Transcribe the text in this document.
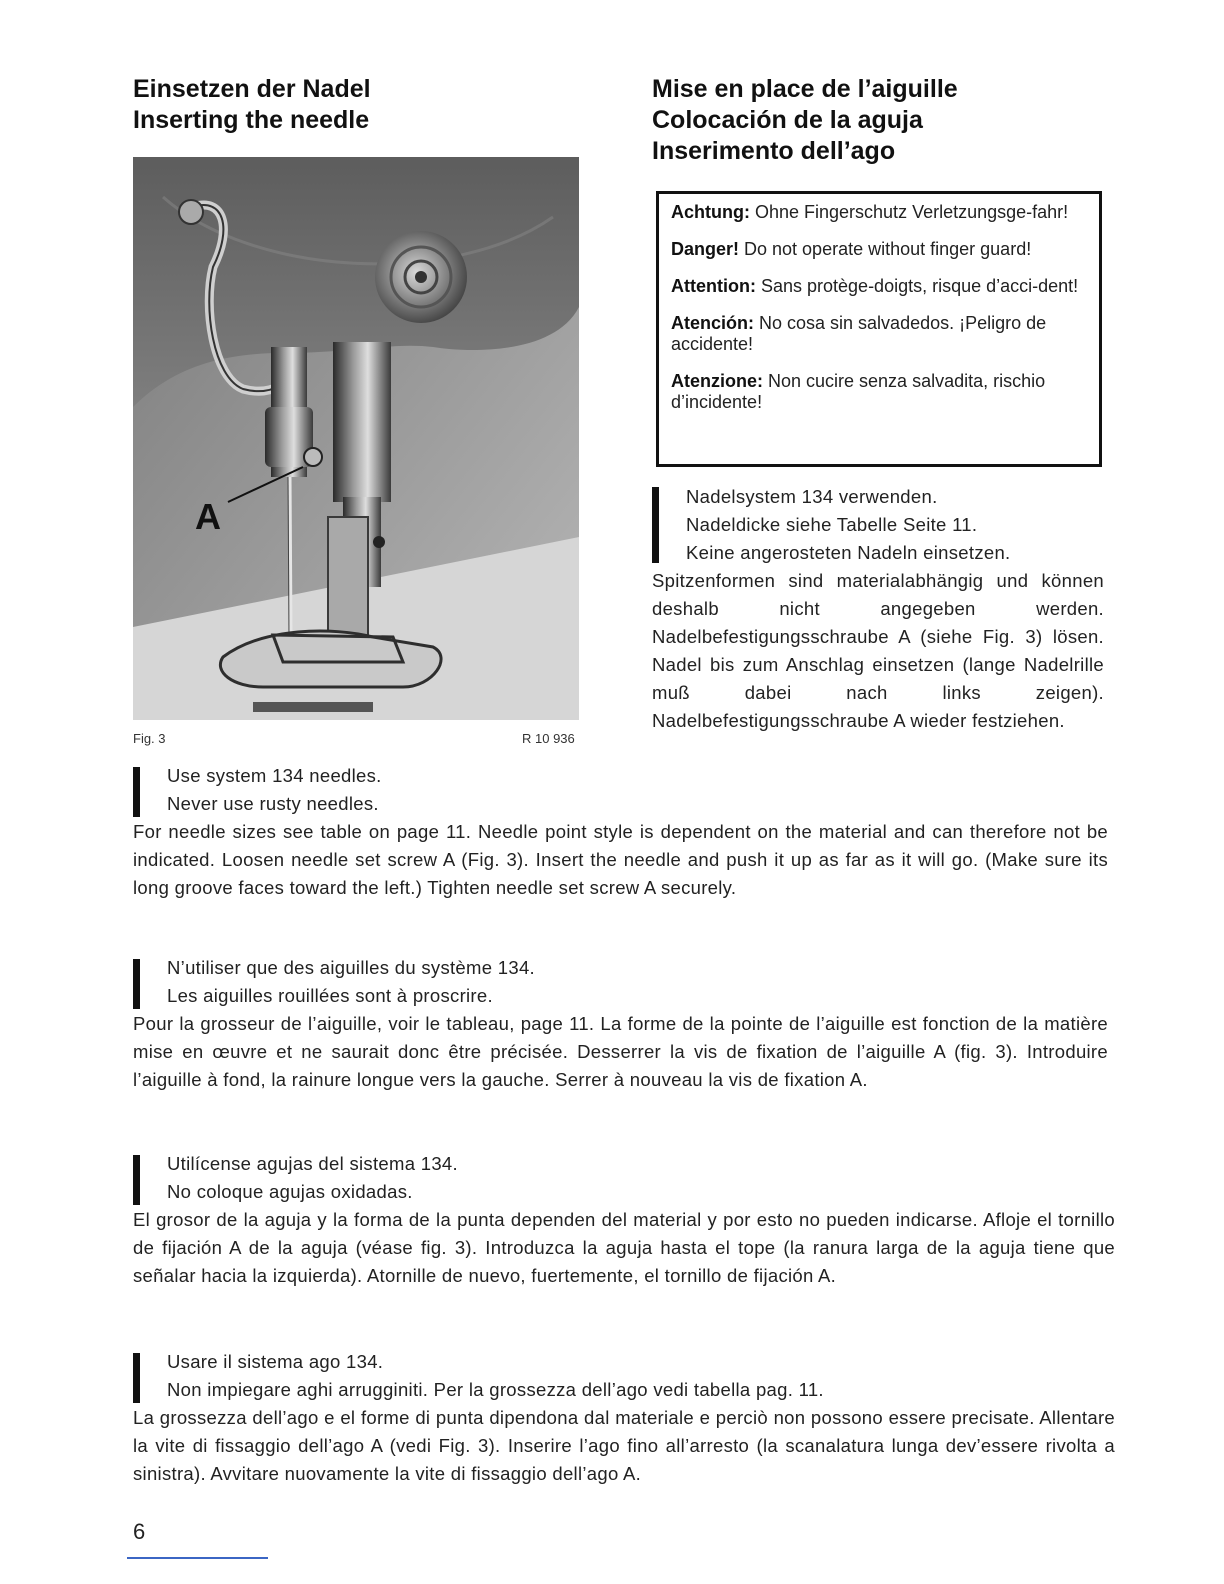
Einsetzen der Nadel
Inserting the needle
Mise en place de l’aiguille
Colocación de la aguja
Inserimento dell’ago
A
Fig. 3	R 10 936
Achtung: Ohne Fingerschutz Verletzungsge-fahr!
Danger! Do not operate without finger guard!
Attention: Sans protège-doigts, risque d’acci-dent!
Atención: No cosa sin salvadedos. ¡Peligro de accidente!
Atenzione: Non cucire senza salvadita, rischio d’incidente!
Nadelsystem 134 verwenden.
Nadeldicke siehe Tabelle Seite 11.
Keine angerosteten Nadeln einsetzen.
Spitzenformen sind materialabhängig und können deshalb nicht angegeben werden. Nadelbefestigungsschraube A (siehe Fig. 3) lösen. Nadel bis zum Anschlag einsetzen (lange Nadelrille muß dabei nach links zeigen). Nadelbefestigungsschraube A wieder festziehen.
Use system 134 needles.
Never use rusty needles.
For needle sizes see table on page 11. Needle point style is dependent on the material and can therefore not be indicated. Loosen needle set screw A (Fig. 3). Insert the needle and push it up as far as it will go. (Make sure its long groove faces toward the left.) Tighten needle set screw A securely.
N’utiliser que des aiguilles du système 134.
Les aiguilles rouillées sont à proscrire.
Pour la grosseur de l’aiguille, voir le tableau, page 11. La forme de la pointe de l’aiguille est fonction de la matière mise en œuvre et ne saurait donc être précisée. Desserrer la vis de fixation de l’aiguille A (fig. 3). Introduire l’aiguille à fond, la rainure longue vers la gauche. Serrer à nouveau la vis de fixation A.
Utilícense agujas del sistema 134.
No coloque agujas oxidadas.
El grosor de la aguja y la forma de la punta dependen del material y por esto no pueden indicarse. Afloje el tornillo de fijación A de la aguja (véase fig. 3). Introduzca la aguja hasta el tope (la ranura larga de la aguja tiene que señalar hacia la izquierda). Atornille de nuevo, fuertemente, el tornillo de fijación A.
Usare il sistema ago 134.
Non impiegare aghi arrugginiti. Per la grossezza dell’ago vedi tabella pag. 11.
La grossezza dell’ago e el forme di punta dipendona dal materiale e perciò non possono essere precisate. Allentare la vite di fissaggio dell’ago A (vedi Fig. 3). Inserire l’ago fino all’arresto (la scanalatura lunga dev’essere rivolta a sinistra). Avvitare nuovamente la vite di fissaggio dell’ago A.
6
